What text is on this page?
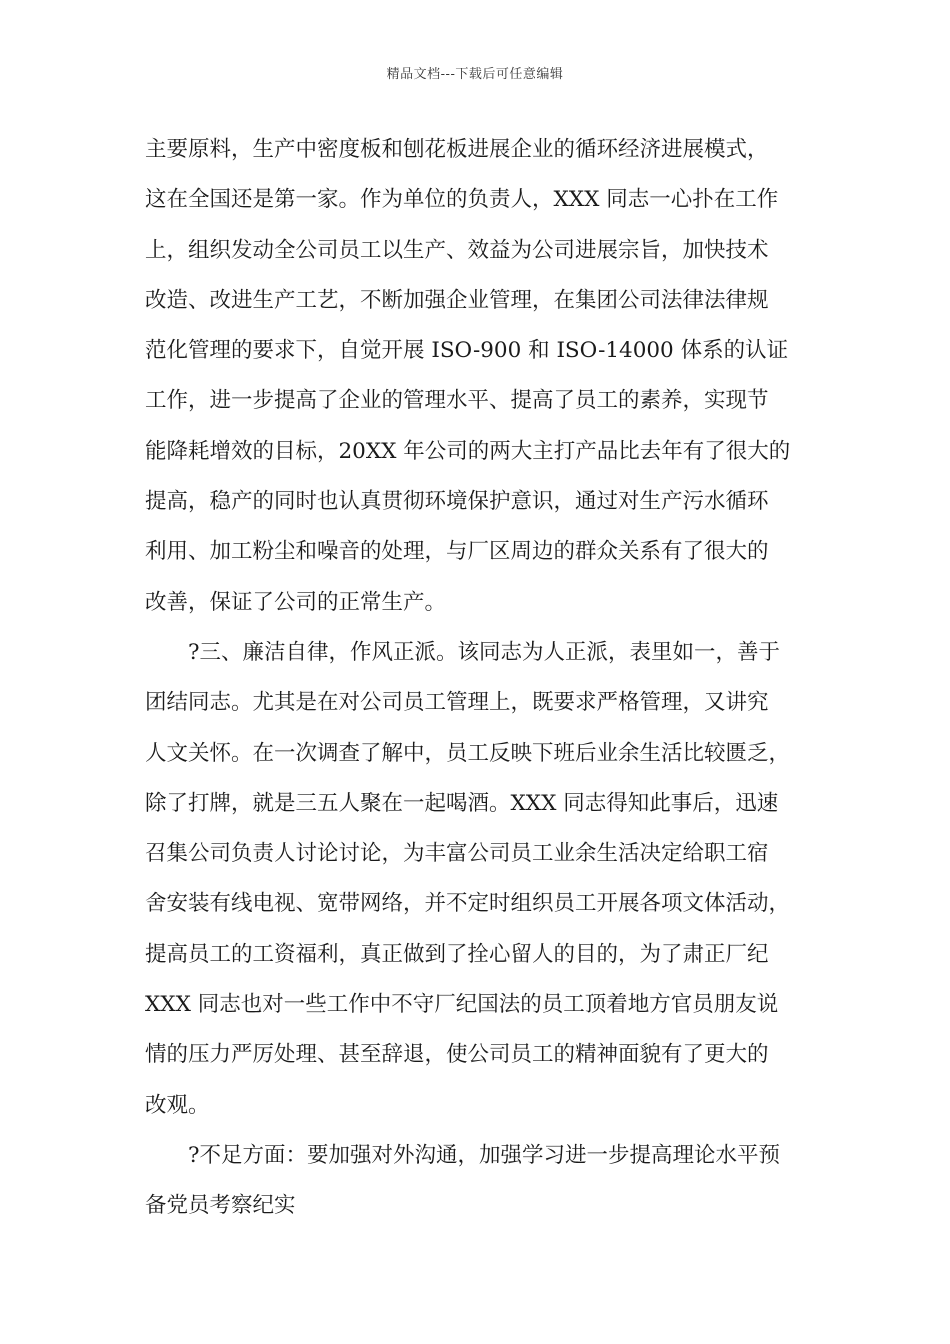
精品文档---下载后可任意编辑
主要原料，生产中密度板和刨花板进展企业的循环经济进展模式，
这在全国还是第一家。作为单位的负责人，XXX 同志一心扑在工作
上，组织发动全公司员工以生产、效益为公司进展宗旨，加快技术
改造、改进生产工艺，不断加强企业管理，在集团公司法律法律规
范化管理的要求下，自觉开展 ISO-900 和 ISO-14000 体系的认证
工作，进一步提高了企业的管理水平、提高了员工的素养，实现节
能降耗增效的目标，20XX 年公司的两大主打产品比去年有了很大的
提高，稳产的同时也认真贯彻环境保护意识，通过对生产污水循环
利用、加工粉尘和噪音的处理，与厂区周边的群众关系有了很大的
改善，保证了公司的正常生产。
?三、廉洁自律，作风正派。该同志为人正派，表里如一，善于
团结同志。尤其是在对公司员工管理上，既要求严格管理，又讲究
人文关怀。在一次调查了解中，员工反映下班后业余生活比较匮乏，
除了打牌，就是三五人聚在一起喝酒。XXX 同志得知此事后，迅速
召集公司负责人讨论讨论，为丰富公司员工业余生活决定给职工宿
舍安装有线电视、宽带网络，并不定时组织员工开展各项文体活动，
提高员工的工资福利，真正做到了拴心留人的目的，为了肃正厂纪
XXX 同志也对一些工作中不守厂纪国法的员工顶着地方官员朋友说
情的压力严厉处理、甚至辞退，使公司员工的精神面貌有了更大的
改观。
?不足方面：要加强对外沟通，加强学习进一步提高理论水平预
备党员考察纪实
